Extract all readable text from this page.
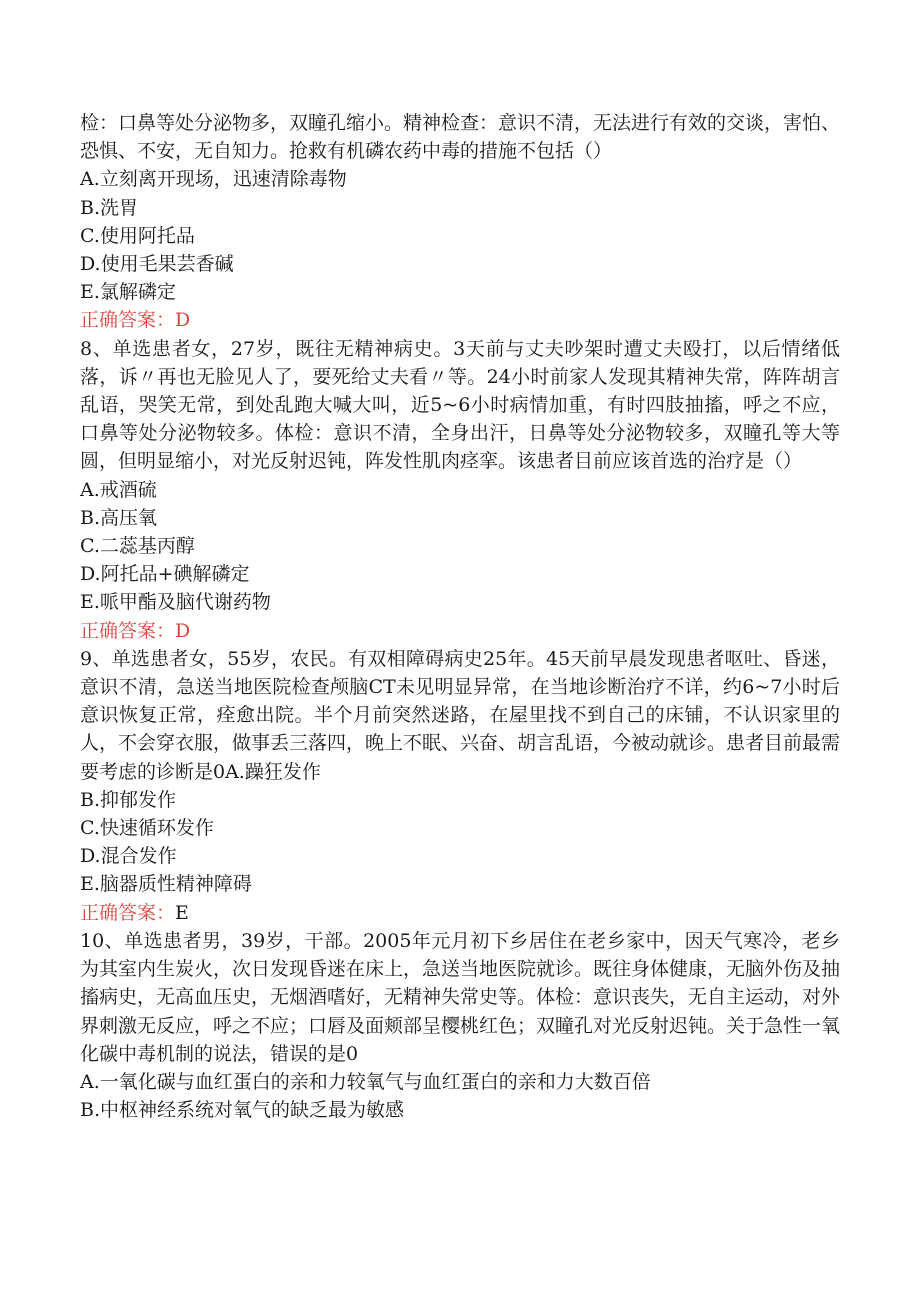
检：口鼻等处分泌物多，双瞳孔缩小。精神检查：意识不清，无法进行有效的交谈，害怕、恐惧、不安，无自知力。抢救有机磷农药中毒的措施不包括（）

A.立刻离开现场，迅速清除毒物

B.洗胃

C.使用阿托品

D.使用毛果芸香碱

E.氯解磷定

正确答案：D

8、单选患者女，27岁，既往无精神病史。3天前与丈夫吵架时遭丈夫殴打，以后情绪低落，诉〃再也无脸见人了，要死给丈夫看〃等。24小时前家人发现其精神失常，阵阵胡言乱语，哭笑无常，到处乱跑大喊大叫，近5~6小时病情加重，有时四肢抽搐，呼之不应，口鼻等处分泌物较多。体检：意识不清，全身出汗，日鼻等处分泌物较多，双瞳孔等大等圆，但明显缩小，对光反射迟钝，阵发性肌肉痉挛。该患者目前应该首选的治疗是（）

A.戒酒硫

B.高压氧

C.二蕊基丙醇

D.阿托品+碘解磷定

E.哌甲酯及脑代谢药物

正确答案：D

9、单选患者女，55岁，农民。有双相障碍病史25年。45天前早晨发现患者呕吐、昏迷，意识不清，急送当地医院检查颅脑CT未见明显异常，在当地诊断治疗不详，约6~7小时后意识恢复正常，痊愈出院。半个月前突然迷路，在屋里找不到自己的床铺，不认识家里的人，不会穿衣服，做事丢三落四，晚上不眠、兴奋、胡言乱语，今被动就诊。患者目前最需要考虑的诊断是0A.躁狂发作

B.抑郁发作

C.快速循环发作

D.混合发作

E.脑器质性精神障碍

正确答案：E

10、单选患者男，39岁，干部。2005年元月初下乡居住在老乡家中，因天气寒冷，老乡为其室内生炭火，次日发现昏迷在床上，急送当地医院就诊。既往身体健康，无脑外伤及抽搐病史，无高血压史，无烟酒嗜好，无精神失常史等。体检：意识丧失，无自主运动，对外界刺激无反应，呼之不应；口唇及面颊部呈樱桃红色；双瞳孔对光反射迟钝。关于急性一氧化碳中毒机制的说法，错误的是0

A.一氧化碳与血红蛋白的亲和力较氧气与血红蛋白的亲和力大数百倍

B.中枢神经系统对氧气的缺乏最为敏感
